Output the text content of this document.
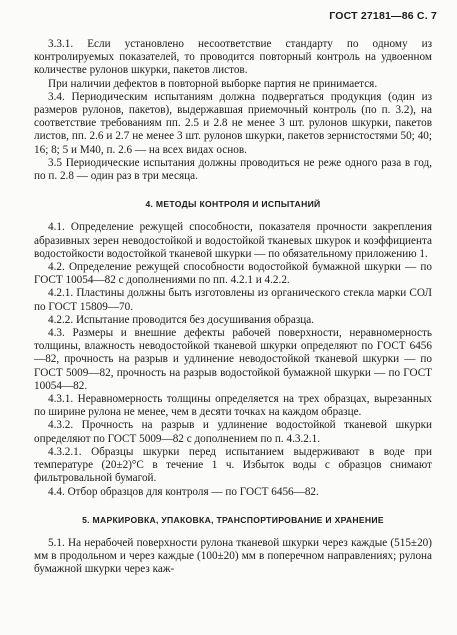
ГОСТ 27181—86 С. 7

3.3.1. Если установлено несоответствие стандарту по одному из контролируемых показателей, то проводится повторный контроль на удвоенном количестве рулонов шкурки, пакетов листов.

При наличии дефектов в повторной выборке партия не принимается.

3.4. Периодическим испытаниям должна подвергаться продукция (один из размеров рулонов, пакетов), выдержавшая приемочный контроль (по п. 3.2), на соответствие требованиям пп. 2.5 и 2.8 не менее 3 шт. рулонов шкурки, пакетов листов, пп. 2.6 и 2.7 не менее 3 шт. рулонов шкурки, пакетов зернистостями 50; 40; 16; 8; 5 и М40, п. 2.6 — на всех видах основ.

3.5 Периодические испытания должны проводиться не реже одного раза в год, по п. 2.8 — один раз в три месяца.

4. МЕТОДЫ КОНТРОЛЯ И ИСПЫТАНИЙ

4.1. Определение режущей способности, показателя прочности закрепления абразивных зерен неводостойкой и водостойкой тканевых шкурок и коэффициента водостойкости водостойкой тканевой шкурки — по обязательному приложению 1.

4.2. Определение режущей способности водостойкой бумажной шкурки — по ГОСТ 10054—82 с дополнениями по пп. 4.2.1 и 4.2.2.

4.2.1. Пластины должны быть изготовлены из органического стекла марки СОЛ по ГОСТ 15809—70.

4.2.2. Испытание проводится без досушивания образца.

4.3. Размеры и внешние дефекты рабочей поверхности, неравномерность толщины, влажность неводостойкой тканевой шкурки определяют по ГОСТ 6456—82, прочность на разрыв и удлинение неводостойкой тканевой шкурки — по ГОСТ 5009—82, прочность на разрыв водостойкой бумажной шкурки — по ГОСТ 10054—82.

4.3.1. Неравномерность толщины определяется на трех образцах, вырезанных по ширине рулона не менее, чем в десяти точках на каждом образце.

4.3.2. Прочность на разрыв и удлинение водостойкой тканевой шкурки определяют по ГОСТ 5009—82 с дополнением по п. 4.3.2.1.

4.3.2.1. Образцы шкурки перед испытанием выдерживают в воде при температуре (20±2)°С в течение 1 ч. Избыток воды с образцов снимают фильтровальной бумагой.

4.4. Отбор образцов для контроля — по ГОСТ 6456—82.

5. МАРКИРОВКА, УПАКОВКА, ТРАНСПОРТИРОВАНИЕ И ХРАНЕНИЕ

5.1. На нерабочей поверхности рулона тканевой шкурки через каждые (515±20) мм в продольном и через каждые (100±20) мм в поперечном направлениях; рулона бумажной шкурки через каж-
